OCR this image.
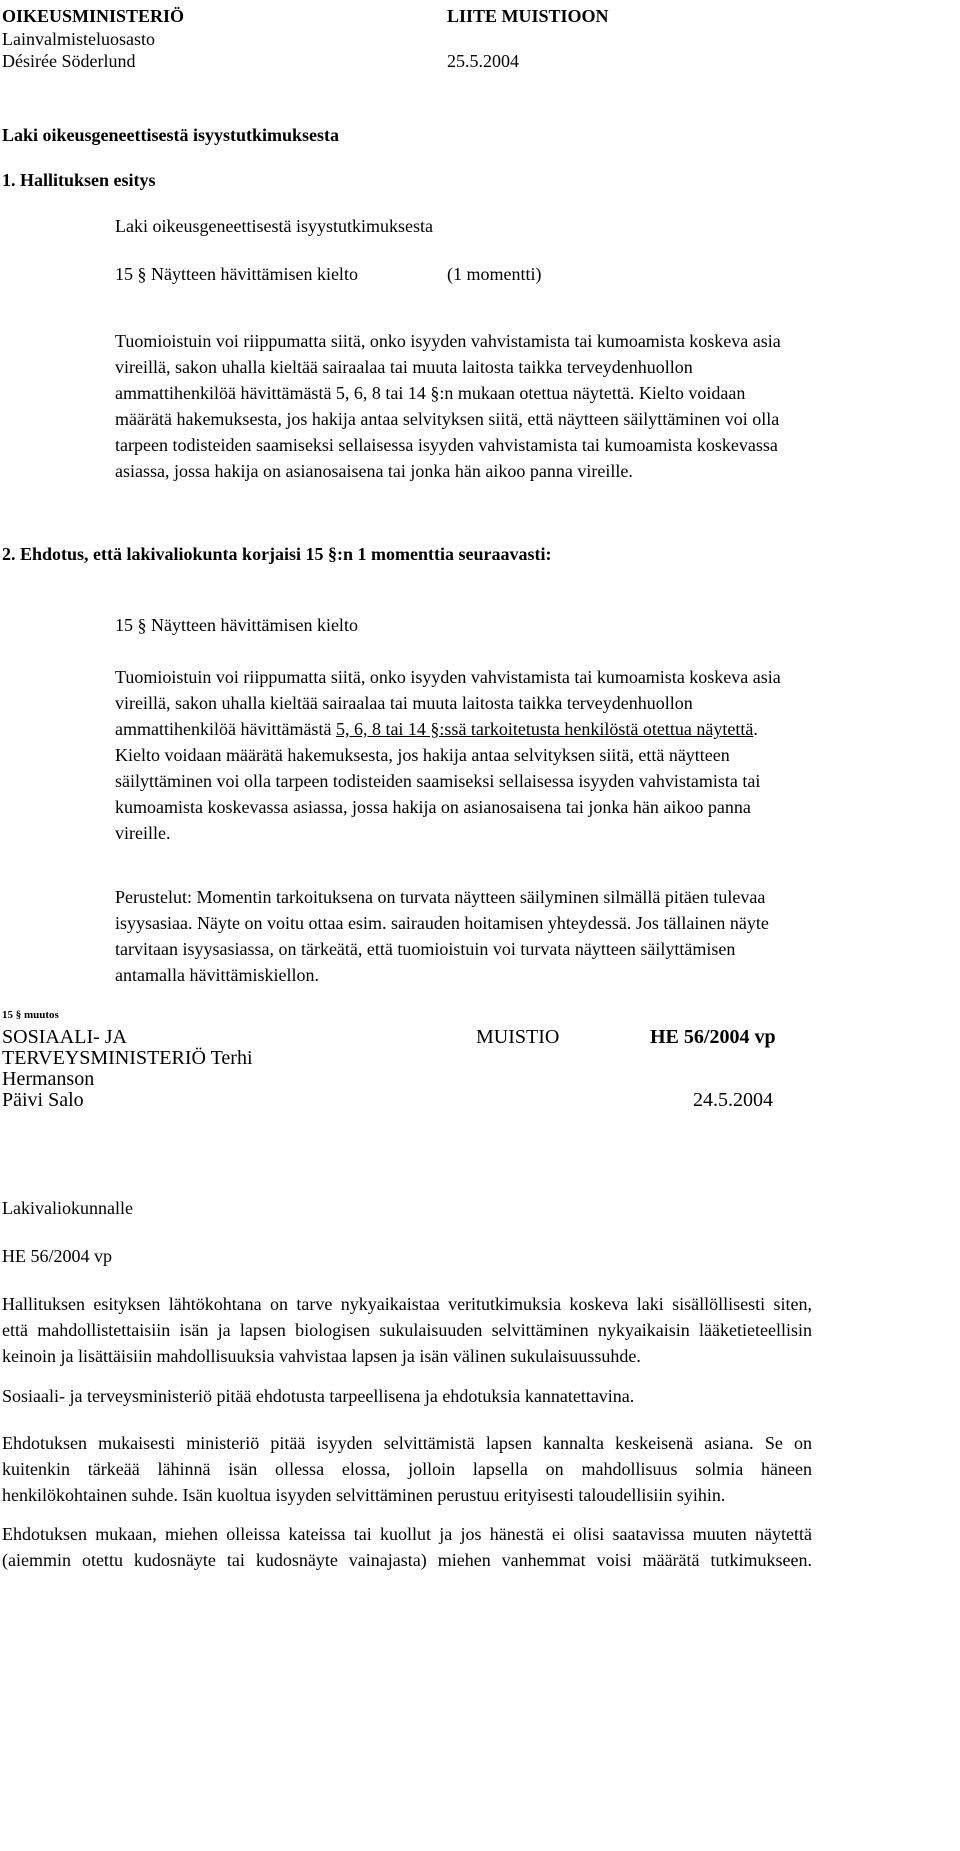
OIKEUSMINISTERIÖ	LIITE MUISTIOON
Lainvalmisteluosasto
Désirée Söderlund	25.5.2004
Laki oikeusgeneettisestä isyystutkimuksesta
1. Hallituksen esitys
Laki oikeusgeneettisestä isyystutkimuksesta
15 § Näytteen hävittämisen kielto	(1 momentti)
Tuomioistuin voi riippumatta siitä, onko isyyden vahvistamista tai kumoamista koskeva asia
vireillä, sakon uhalla kieltää sairaalaa tai muuta laitosta taikka terveydenhuollon
ammattihenkilöä hävittämästä 5, 6, 8 tai 14 §:n mukaan otettua näytettä. Kielto voidaan
määrätä hakemuksesta, jos hakija antaa selvityksen siitä, että näytteen säilyttäminen voi olla
tarpeen todisteiden saamiseksi sellaisessa isyyden vahvistamista tai kumoamista koskevassa
asiassa, jossa hakija on asianosaisena tai jonka hän aikoo panna vireille.
2. Ehdotus, että lakivaliokunta korjaisi 15 §:n 1 momenttia seuraavasti:
15 § Näytteen hävittämisen kielto
Tuomioistuin voi riippumatta siitä, onko isyyden vahvistamista tai kumoamista koskeva asia
vireillä, sakon uhalla kieltää sairaalaa tai muuta laitosta taikka terveydenhuollon
ammattihenkilöä hävittämästä 5, 6, 8 tai 14 §:ssä tarkoitetusta henkilöstä otettua näytettä.
Kielto voidaan määrätä hakemuksesta, jos hakija antaa selvityksen siitä, että näytteen
säilyttäminen voi olla tarpeen todisteiden saamiseksi sellaisessa isyyden vahvistamista tai
kumoamista koskevassa asiassa, jossa hakija on asianosaisena tai jonka hän aikoo panna
vireille.
Perustelut: Momentin tarkoituksena on turvata näytteen säilyminen silmällä pitäen tulevaa
isyysasiaa. Näyte on voitu ottaa esim. sairauden hoitamisen yhteydessä. Jos tällainen näyte
tarvitaan isyysasiassa, on tärkeätä, että tuomioistuin voi turvata näytteen säilyttämisen
antamalla hävittämiskiellon.
15 § muutos
SOSIAALI- JA
TERVEYSMINISTERIÖ Terhi
Hermanson
MUISTIO	HE 56/2004 vp
Päivi Salo	24.5.2004
Lakivaliokunnalle
HE 56/2004 vp
Hallituksen esityksen lähtökohtana on tarve nykyaikaistaa veritutkimuksia koskeva laki sisällöllisesti siten,
että mahdollistettaisiin isän ja lapsen biologisen sukulaisuuden selvittäminen nykyaikaisin lääketieteellisin
keinoin ja lisättäisiin mahdollisuuksia vahvistaa lapsen ja isän välinen sukulaisuussuhde.
Sosiaali- ja terveysministeriö pitää ehdotusta tarpeellisena ja ehdotuksia kannatettavina.
Ehdotuksen mukaisesti ministeriö pitää isyyden selvittämistä lapsen kannalta keskeisenä asiana. Se on
kuitenkin tärkeää lähinnä isän ollessa elossa, jolloin lapsella on mahdollisuus solmia häneen
henkilökohtainen suhde. Isän kuoltua isyyden selvittäminen perustuu erityisesti taloudellisiin syihin.
Ehdotuksen mukaan, miehen olleissa kateissa tai kuollut ja jos hänestä ei olisi saatavissa muuten näytettä
(aiemmin otettu kudosnäyte tai kudosnäyte vainajasta) miehen vanhemmat voisi määrätä tutkimukseen.
